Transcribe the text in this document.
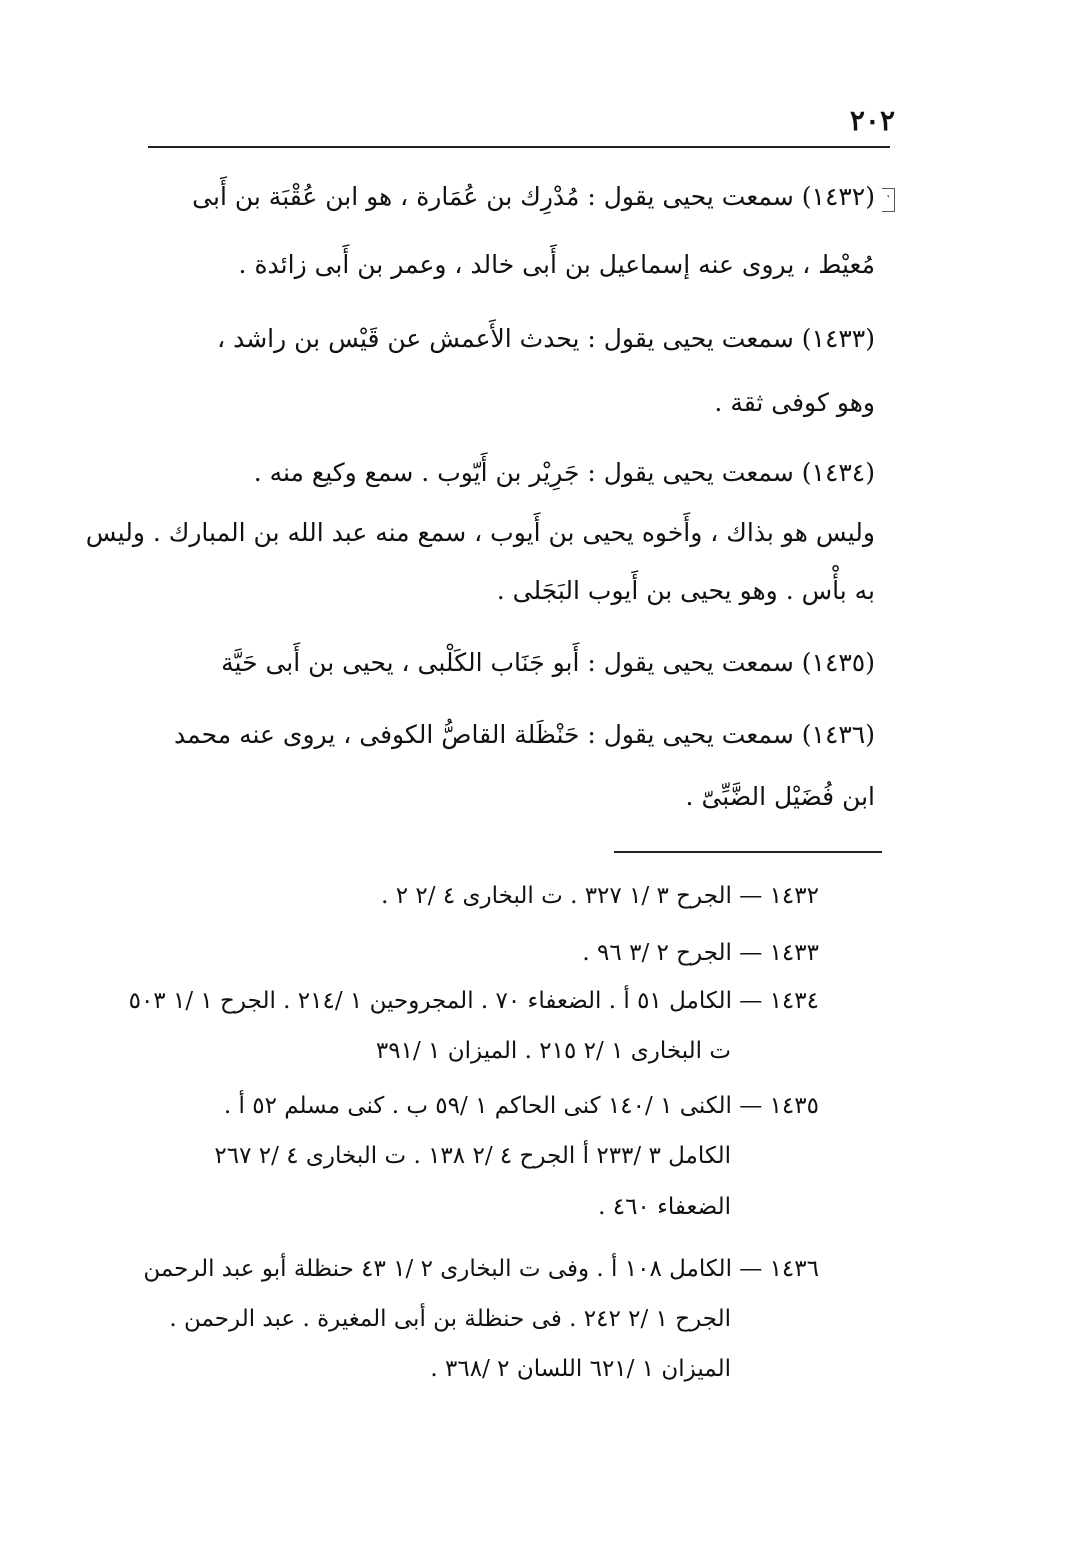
٢٠٢
˺
(١٤٣٢) سمعت يحيى يقول : مُدْرِك بن عُمَارة ، هو ابن عُقْبَة بن أَبى
مُعيْط ، يروى عنه إسماعيل بن أَبى خالد ، وعمر بن أَبى زائدة .
(١٤٣٣) سمعت يحيى يقول : يحدث الأَعمش عن قَيْس بن راشد ،
وهو كوفى ثقة .
(١٤٣٤) سمعت يحيى يقول : جَرِيْر بن أَيّوب . سمع وكيع منه .
وليس هو بذاك ، وأَخوه يحيى بن أَيوب ، سمع منه عبد الله بن المبارك . وليس
به بأْس . وهو يحيى بن أَيوب البَجَلى .
(١٤٣٥) سمعت يحيى يقول : أَبو جَنَاب الكَلْبى ، يحيى بن أَبى حَيَّة
(١٤٣٦) سمعت يحيى يقول : حَنْظَلة القاصُّ الكوفى ، يروى عنه محمد
ابن فُضَيْل الضَّبِّىّ .
١٤٣٢ — الجرح ٣ /١ ٣٢٧ . ت البخارى ٤ /٢ ٢ .
١٤٣٣ — الجرح ٢ /٣ ٩٦ .
١٤٣٤ — الكامل ٥١ أ . الضعفاء ٧٠ . المجروحين ١ /٢١٤ . الجرح ١ /١ ٥٠٣
ت البخارى ١ /٢ ٢١٥ . الميزان ١ /٣٩١
١٤٣٥ — الكنى ١ /١٤٠ كنى الحاكم ١ /٥٩ ب . كنى مسلم ٥٢ أ .
الكامل ٣ /٢٣٣ أ الجرح ٤ /٢ ١٣٨ . ت البخارى ٤ /٢ ٢٦٧
الضعفاء ٤٦٠ .
١٤٣٦ — الكامل ١٠٨ أ . وفى ت البخارى ٢ /١ ٤٣ حنظلة أبو عبد الرحمن
الجرح ١ /٢ ٢٤٢ . فى حنظلة بن أبى المغيرة . عبد الرحمن .
الميزان ١ /٦٢١ اللسان ٢ /٣٦٨ .
